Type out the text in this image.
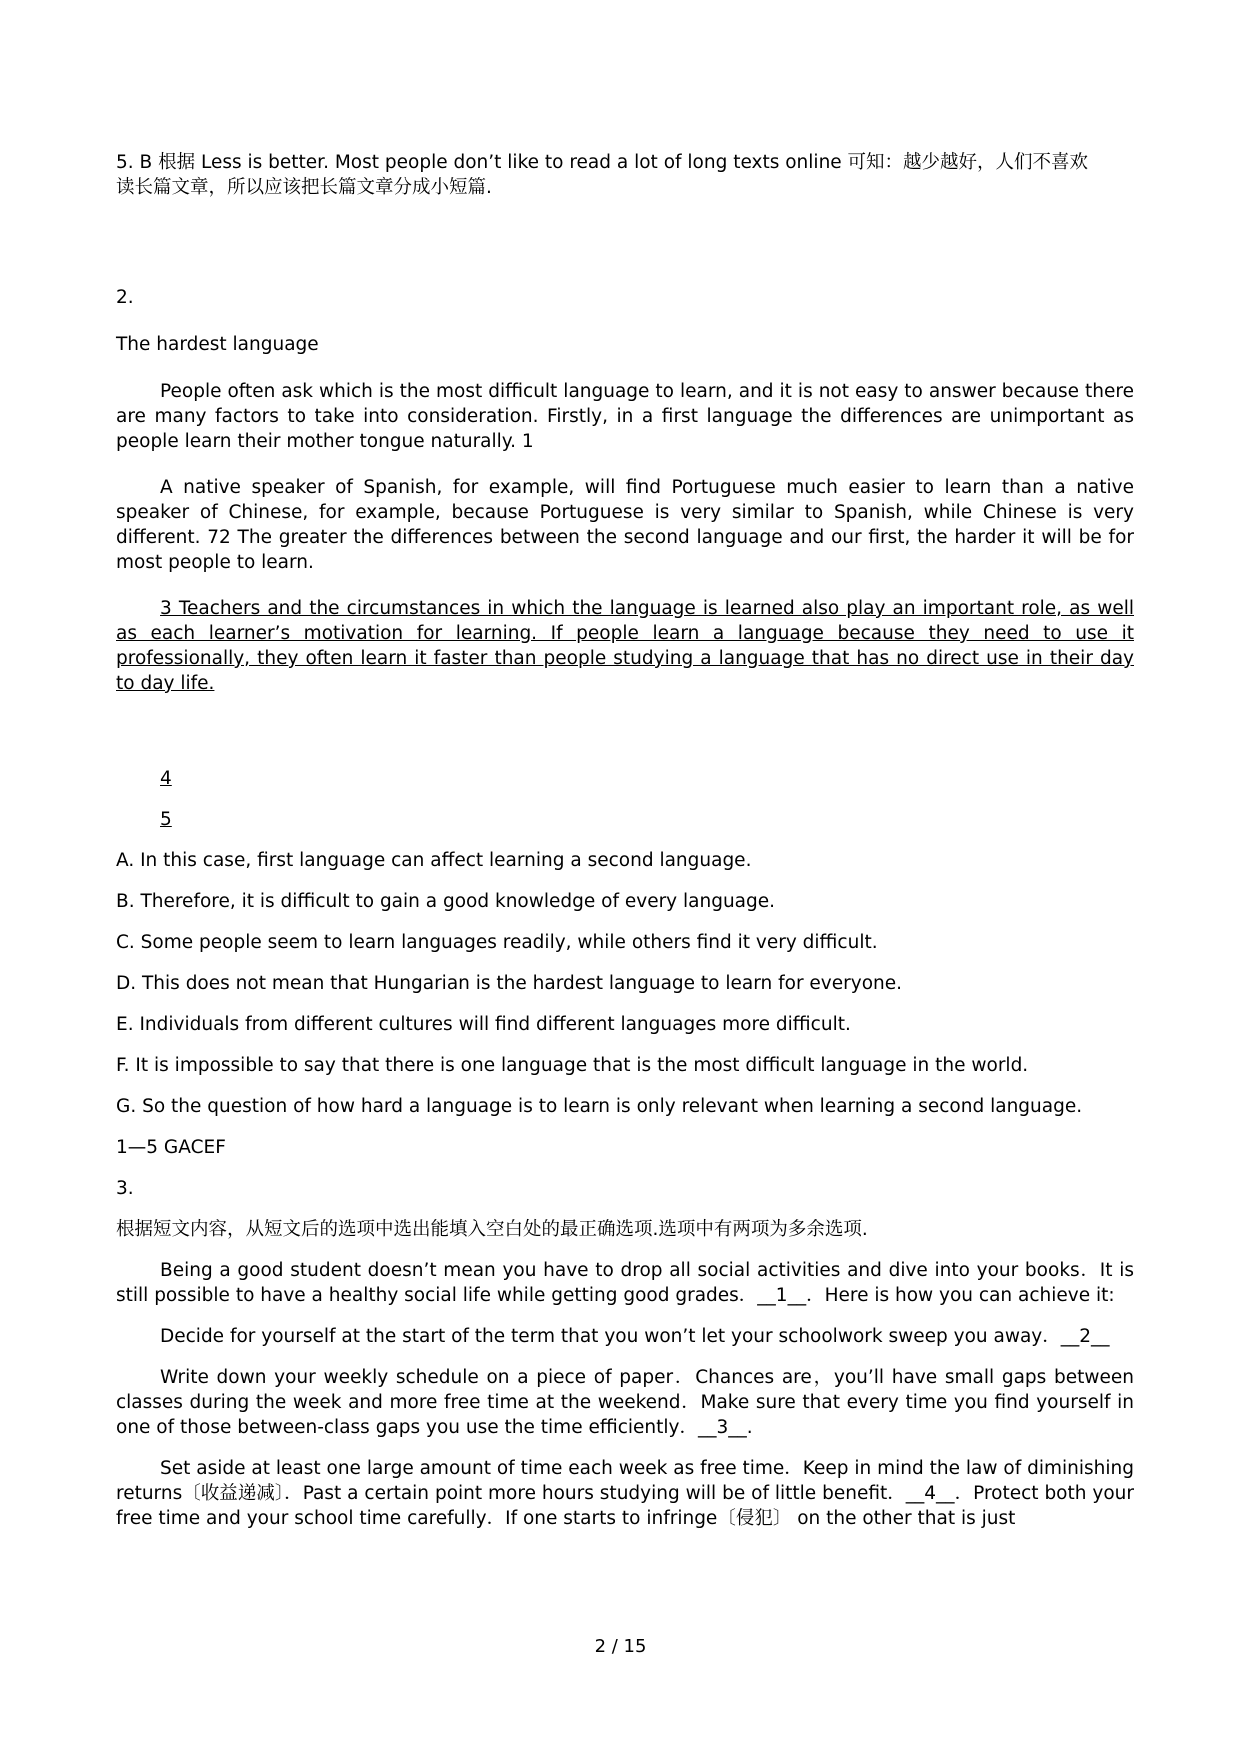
5. B 根据 Less is better. Most people don’t like to read a lot of long texts online 可知：越少越好，人们不喜欢

读长篇文章，所以应该把长篇文章分成小短篇.

2.

The hardest language

People often ask which is the most difficult language to learn, and it is not easy to answer because there are many factors to take into consideration. Firstly, in a first language the differences are unimportant as people learn their mother tongue naturally. 1

A native speaker of Spanish, for example, will find Portuguese much easier to learn than a native speaker of Chinese, for example, because Portuguese is very similar to Spanish, while Chinese is very different. 72 The greater the differences between the second language and our first, the harder it will be for most people to learn.

3 Teachers and the circumstances in which the language is learned also play an important role, as well as each learner’s motivation for learning. If people learn a language because they need to use it professionally, they often learn it faster than people studying a language that has no direct use in their day to day life.

4

5

A. In this case, first language can affect learning a second language.

B. Therefore, it is difficult to gain a good knowledge of every language.

C. Some people seem to learn languages readily, while others find it very difficult.

D. This does not mean that Hungarian is the hardest language to learn for everyone.

E. Individuals from different cultures will find different languages more difficult.

F. It is impossible to say that there is one language that is the most difficult language in the world.

G. So the question of how hard a language is to learn is only relevant when learning a second language.

1—5 GACEF

3.

根据短文内容，从短文后的选项中选出能填入空白处的最正确选项.选项中有两项为多余选项.

Being a good student doesn’t mean you have to drop all social activities and dive into your books．It is still possible to have a healthy social life while getting good grades．__1__．Here is how you can achieve it:

Decide for yourself at the start of the term that you won’t let your schoolwork sweep you away．__2__

Write down your weekly schedule on a piece of paper．Chances are，you’ll have small gaps between classes during the week and more free time at the weekend．Make sure that every time you find yourself in one of those between-class gaps you use the time efficiently．__3__.

Set aside at least one large amount of time each week as free time．Keep in mind the law of diminishing returns〔收益递减〕．Past a certain point more hours studying will be of little benefit．__4__．Protect both your free time and your school time carefully．If one starts to infringe〔侵犯〕 on the other that is just

2 / 15
